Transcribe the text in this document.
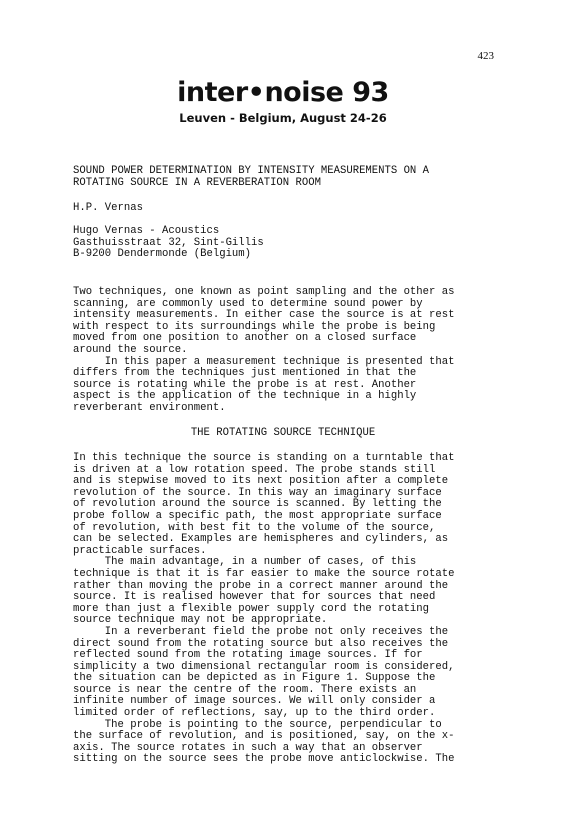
423
inter•noise 93
Leuven - Belgium, August 24-26
SOUND POWER DETERMINATION BY INTENSITY MEASUREMENTS ON A
ROTATING SOURCE IN A REVERBERATION ROOM
H.P. Vernas
Hugo Vernas - Acoustics
Gasthuisstraat 32, Sint-Gillis
B-9200 Dendermonde (Belgium)
Two techniques, one known as point sampling and the other as
scanning, are commonly used to determine sound power by
intensity measurements. In either case the source is at rest
with respect to its surroundings while the probe is being
moved from one position to another on a closed surface
around the source.
In this paper a measurement technique is presented that
differs from the techniques just mentioned in that the
source is rotating while the probe is at rest. Another
aspect is the application of the technique in a highly
reverberant environment.
THE ROTATING SOURCE TECHNIQUE
In this technique the source is standing on a turntable that
is driven at a low rotation speed. The probe stands still
and is stepwise moved to its next position after a complete
revolution of the source. In this way an imaginary surface
of revolution around the source is scanned. By letting the
probe follow a specific path, the most appropriate surface
of revolution, with best fit to the volume of the source,
can be selected. Examples are hemispheres and cylinders, as
practicable surfaces.
The main advantage, in a number of cases, of this
technique is that it is far easier to make the source rotate
rather than moving the probe in a correct manner around the
source. It is realised however that for sources that need
more than just a flexible power supply cord the rotating
source technique may not be appropriate.
In a reverberant field the probe not only receives the
direct sound from the rotating source but also receives the
reflected sound from the rotating image sources. If for
simplicity a two dimensional rectangular room is considered,
the situation can be depicted as in Figure 1. Suppose the
source is near the centre of the room. There exists an
infinite number of image sources. We will only consider a
limited order of reflections, say, up to the third order.
The probe is pointing to the source, perpendicular to
the surface of revolution, and is positioned, say, on the x-
axis. The source rotates in such a way that an observer
sitting on the source sees the probe move anticlockwise. The
